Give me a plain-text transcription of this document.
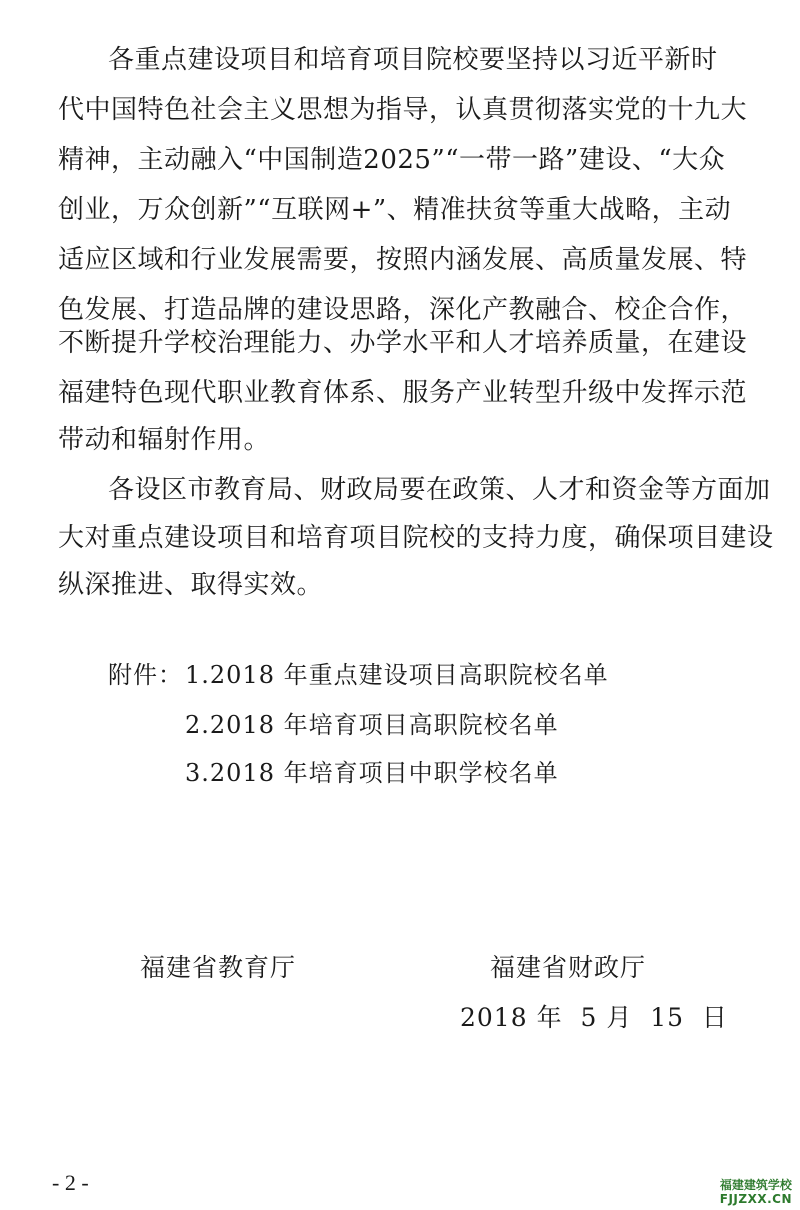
各重点建设项目和培育项目院校要坚持以习近平新时
代中国特色社会主义思想为指导，认真贯彻落实党的十九大
精神，主动融入“中国制造2025”“一带一路”建设、“大众
创业，万众创新”“互联网+”、精准扶贫等重大战略，主动
适应区域和行业发展需要，按照内涵发展、高质量发展、特
色发展、打造品牌的建设思路，深化产教融合、校企合作，
不断提升学校治理能力、办学水平和人才培养质量，在建设
福建特色现代职业教育体系、服务产业转型升级中发挥示范
带动和辐射作用。
各设区市教育局、财政局要在政策、人才和资金等方面加
大对重点建设项目和培育项目院校的支持力度，确保项目建设
纵深推进、取得实效。
附件： 1.2018 年重点建设项目高职院校名单
2.2018 年培育项目高职院校名单
3.2018 年培育项目中职学校名单
福建省教育厅	福建省财政厅
2018 年  5 月  15  日
- 2 -	福建建筑学校
FJJZXX.CN
